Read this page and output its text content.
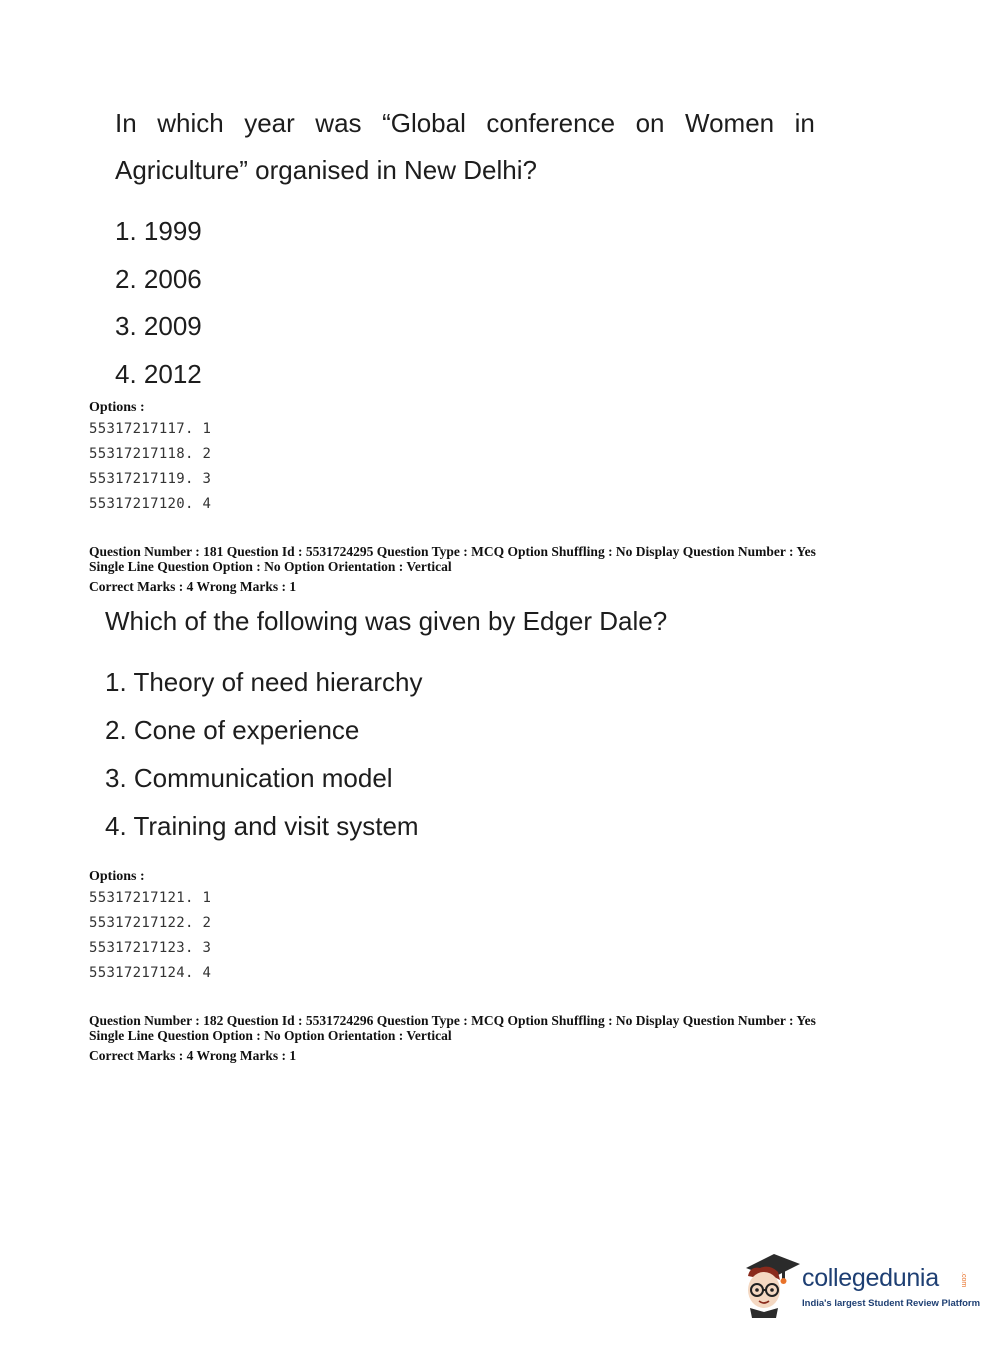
In which year was “Global conference on Women in
Agriculture” organised in New Delhi?
1. 1999
2. 2006
3. 2009
4. 2012
Options :
55317217117. 1
55317217118. 2
55317217119. 3
55317217120. 4
Question Number : 181 Question Id : 5531724295 Question Type : MCQ Option Shuffling : No Display Question Number : Yes
Single Line Question Option : No Option Orientation : Vertical
Correct Marks : 4 Wrong Marks : 1
Which of the following was given by Edger Dale?
1. Theory of need hierarchy
2. Cone of experience
3. Communication model
4. Training and visit system
Options :
55317217121. 1
55317217122. 2
55317217123. 3
55317217124. 4
Question Number : 182 Question Id : 5531724296 Question Type : MCQ Option Shuffling : No Display Question Number : Yes
Single Line Question Option : No Option Orientation : Vertical
Correct Marks : 4 Wrong Marks : 1
collegedunia	.com
India's largest Student Review Platform
